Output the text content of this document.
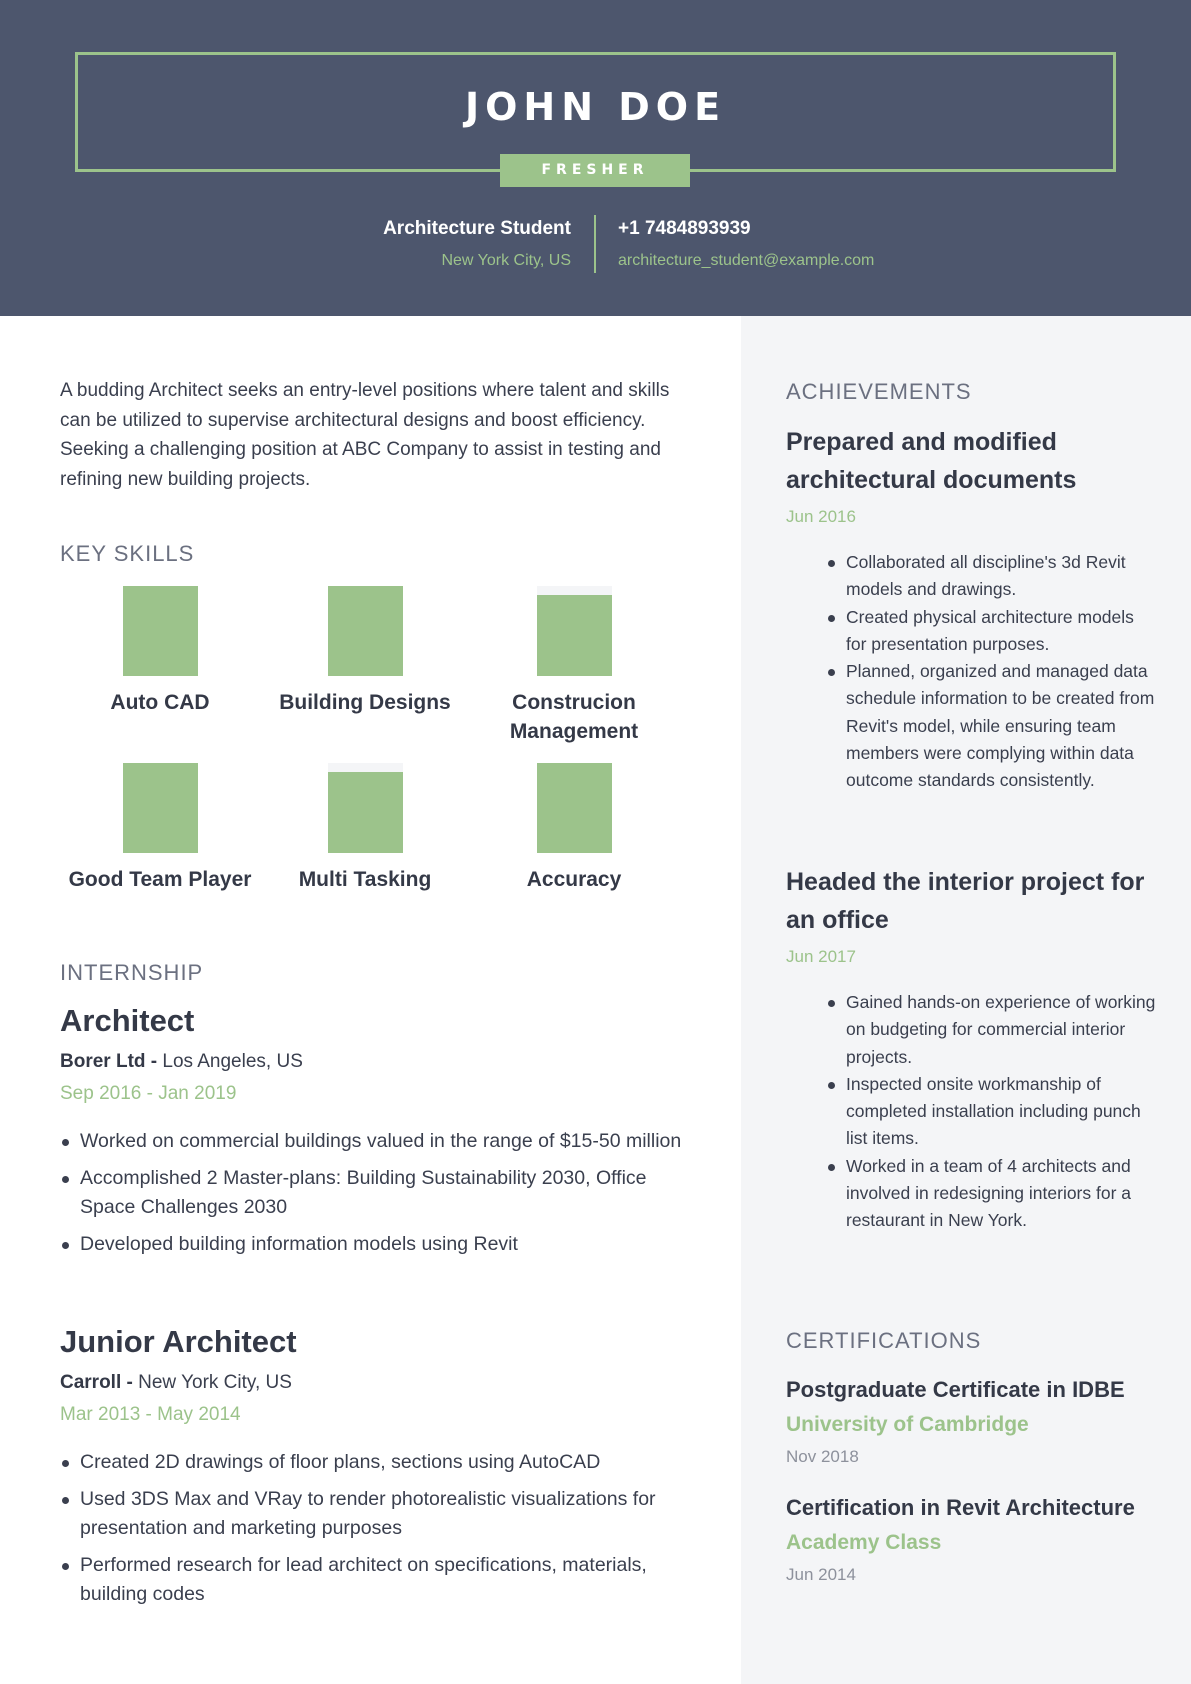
JOHN DOE
FRESHER
Architecture Student
New York City, US
+1 7484893939
architecture_student@example.com

A budding Architect seeks an entry-level positions where talent and skills can be utilized to supervise architectural designs and boost efficiency. Seeking a challenging position at ABC Company to assist in testing and refining new building projects.

KEY SKILLS
Auto CAD	Building Designs	Construcion Management
Good Team Player	Multi Tasking	Accuracy
INTERNSHIP
Architect
Borer Ltd - Los Angeles, US
Sep 2016 - Jan 2019
Worked on commercial buildings valued in the range of $15-50 million
Accomplished 2 Master-plans: Building Sustainability 2030, Office Space Challenges 2030
Developed building information models using Revit
Junior Architect
Carroll - New York City, US
Mar 2013 - May 2014
Created 2D drawings of floor plans, sections using AutoCAD
Used 3DS Max and VRay to render photorealistic visualizations for presentation and marketing purposes
Performed research for lead architect on specifications, materials, building codes
ACHIEVEMENTS
Prepared and modified architectural documents
Jun 2016
Collaborated all discipline's 3d Revit models and drawings.
Created physical architecture models for presentation purposes.
Planned, organized and managed data schedule information to be created from Revit's model, while ensuring team members were complying within data outcome standards consistently.
Headed the interior project for an office
Jun 2017
Gained hands-on experience of working on budgeting for commercial interior projects.
Inspected onsite workmanship of completed installation including punch list items.
Worked in a team of 4 architects and involved in redesigning interiors for a restaurant in New York.
CERTIFICATIONS
Postgraduate Certificate in IDBE
University of Cambridge
Nov 2018
Certification in Revit Architecture
Academy Class
Jun 2014
